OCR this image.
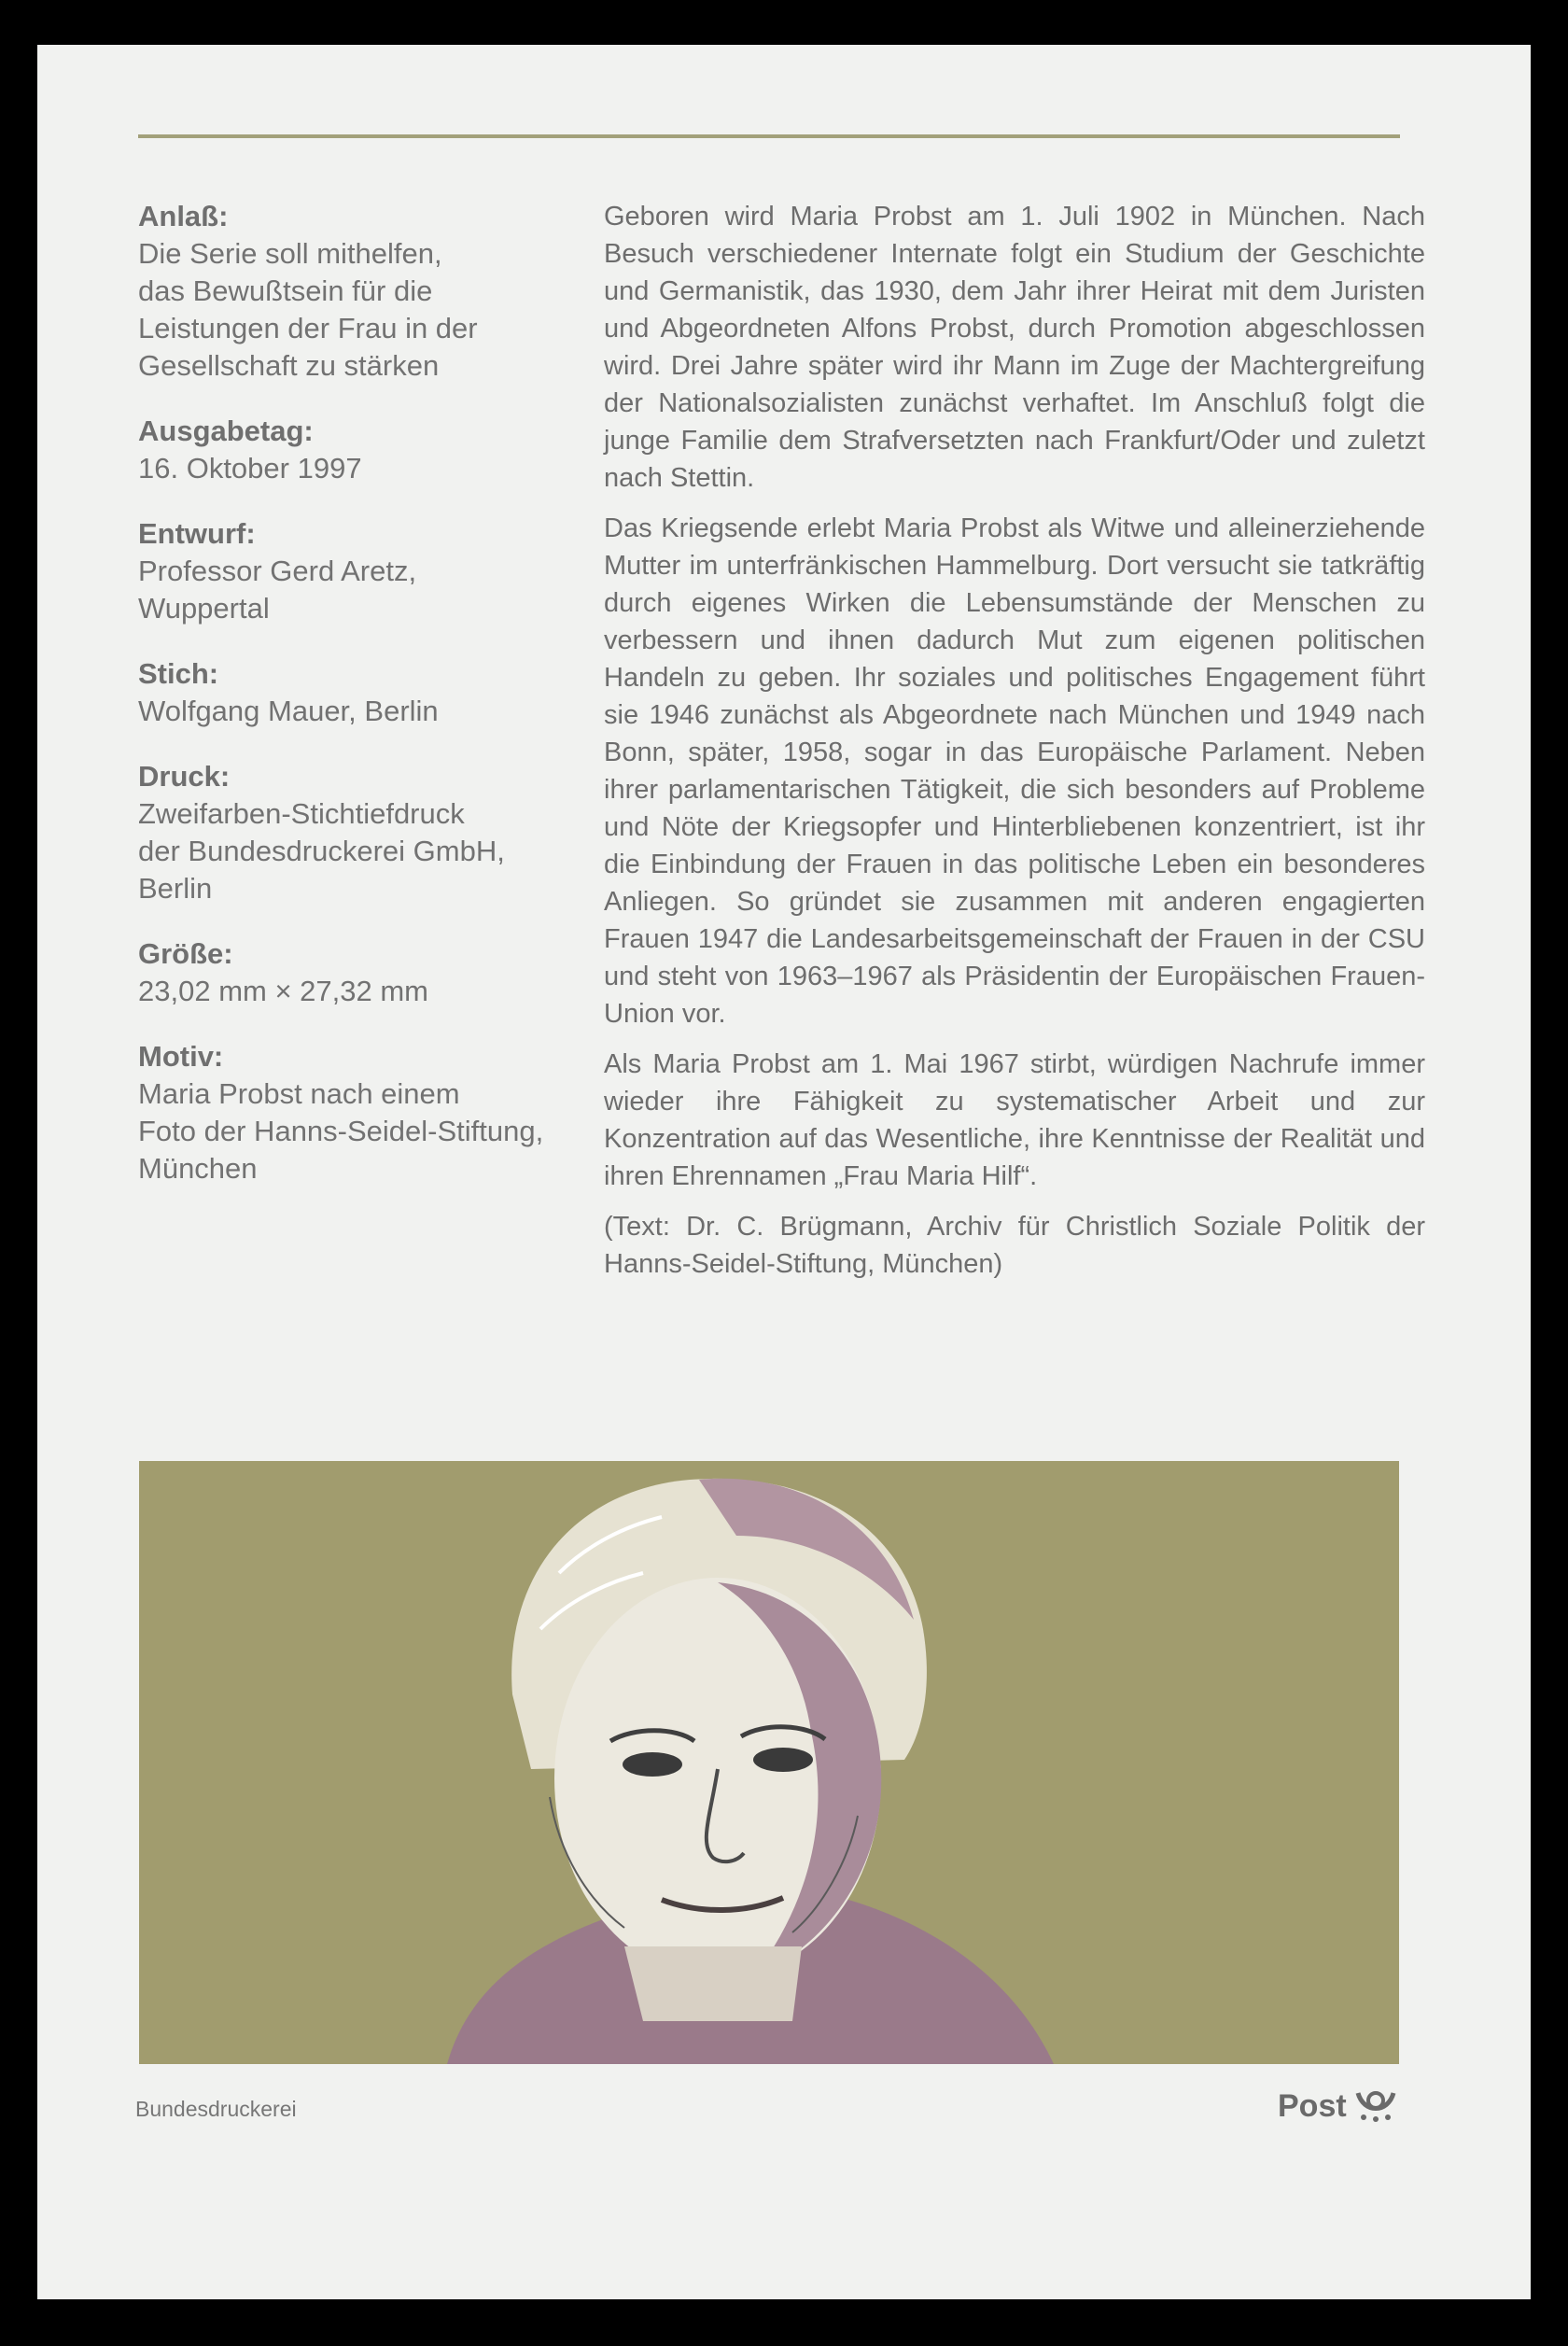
Anlaß:
Die Serie soll mithelfen,
das Bewußtsein für die
Leistungen der Frau in der
Gesellschaft zu stärken
Ausgabetag:
16. Oktober 1997
Entwurf:
Professor Gerd Aretz,
Wuppertal
Stich:
Wolfgang Mauer, Berlin
Druck:
Zweifarben-Stichtiefdruck
der Bundesdruckerei GmbH,
Berlin
Größe:
23,02 mm × 27,32 mm
Motiv:
Maria Probst nach einem
Foto der Hanns-Seidel-Stiftung,
München

Geboren wird Maria Probst am 1. Juli 1902 in München. Nach Besuch verschiedener Internate folgt ein Studium der Geschichte und Germanistik, das 1930, dem Jahr ihrer Heirat mit dem Juristen und Abgeordneten Alfons Probst, durch Promotion abgeschlossen wird. Drei Jahre später wird ihr Mann im Zuge der Machtergreifung der Nationalsozialisten zunächst verhaftet. Im Anschluß folgt die junge Familie dem Strafversetzten nach Frankfurt/Oder und zuletzt nach Stettin.

Das Kriegsende erlebt Maria Probst als Witwe und alleinerziehende Mutter im unterfränkischen Hammelburg. Dort versucht sie tatkräftig durch eigenes Wirken die Lebensumstände der Menschen zu verbessern und ihnen dadurch Mut zum eigenen politischen Handeln zu geben. Ihr soziales und politisches Engagement führt sie 1946 zunächst als Abgeordnete nach München und 1949 nach Bonn, später, 1958, sogar in das Europäische Parlament. Neben ihrer parlamentarischen Tätigkeit, die sich besonders auf Probleme und Nöte der Kriegsopfer und Hinterbliebenen konzentriert, ist ihr die Einbindung der Frauen in das politische Leben ein besonderes Anliegen. So gründet sie zusammen mit anderen engagierten Frauen 1947 die Landesarbeitsgemeinschaft der Frauen in der CSU und steht von 1963–1967 als Präsidentin der Europäischen Frauen-Union vor.

Als Maria Probst am 1. Mai 1967 stirbt, würdigen Nachrufe immer wieder ihre Fähigkeit zu systematischer Arbeit und zur Konzentration auf das Wesentliche, ihre Kenntnisse der Realität und ihren Ehrennamen „Frau Maria Hilf“.

(Text: Dr. C. Brügmann, Archiv für Christlich Soziale Politik der Hanns-Seidel-Stiftung, München)

Bundesdruckerei	Post
